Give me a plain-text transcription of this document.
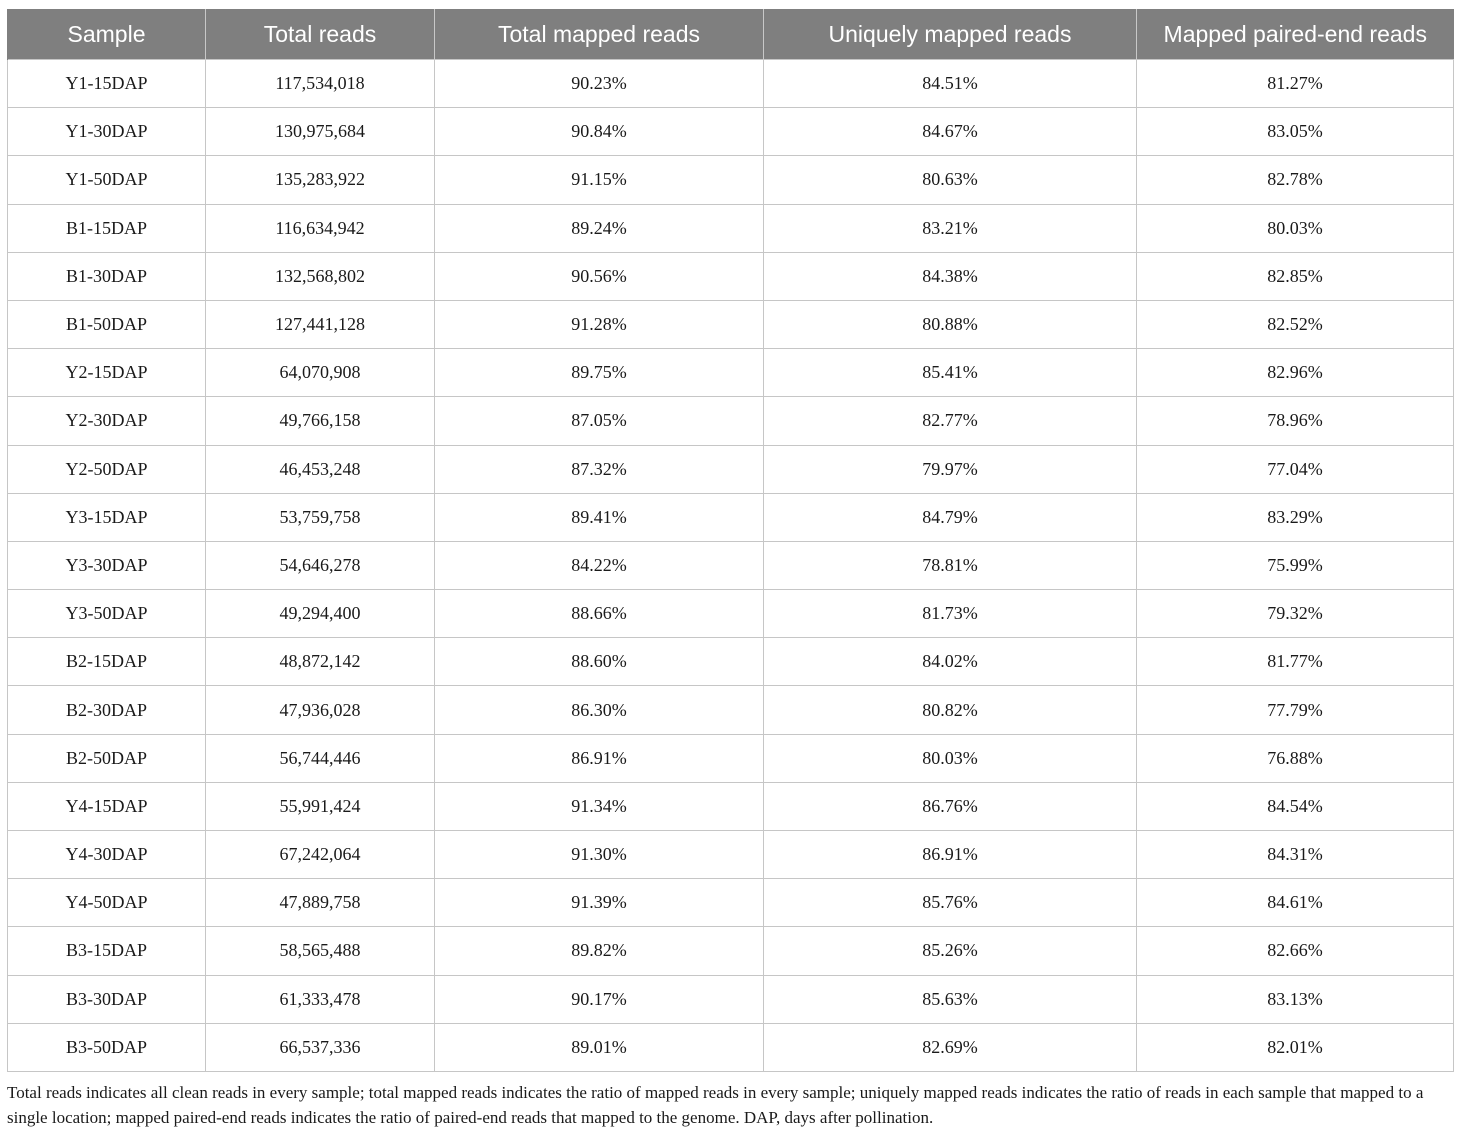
Sample	Total reads	Total mapped reads	Uniquely mapped reads	Mapped paired-end reads
Y1-15DAP	117,534,018	90.23%	84.51%	81.27%
Y1-30DAP	130,975,684	90.84%	84.67%	83.05%
Y1-50DAP	135,283,922	91.15%	80.63%	82.78%
B1-15DAP	116,634,942	89.24%	83.21%	80.03%
B1-30DAP	132,568,802	90.56%	84.38%	82.85%
B1-50DAP	127,441,128	91.28%	80.88%	82.52%
Y2-15DAP	64,070,908	89.75%	85.41%	82.96%
Y2-30DAP	49,766,158	87.05%	82.77%	78.96%
Y2-50DAP	46,453,248	87.32%	79.97%	77.04%
Y3-15DAP	53,759,758	89.41%	84.79%	83.29%
Y3-30DAP	54,646,278	84.22%	78.81%	75.99%
Y3-50DAP	49,294,400	88.66%	81.73%	79.32%
B2-15DAP	48,872,142	88.60%	84.02%	81.77%
B2-30DAP	47,936,028	86.30%	80.82%	77.79%
B2-50DAP	56,744,446	86.91%	80.03%	76.88%
Y4-15DAP	55,991,424	91.34%	86.76%	84.54%
Y4-30DAP	67,242,064	91.30%	86.91%	84.31%
Y4-50DAP	47,889,758	91.39%	85.76%	84.61%
B3-15DAP	58,565,488	89.82%	85.26%	82.66%
B3-30DAP	61,333,478	90.17%	85.63%	83.13%
B3-50DAP	66,537,336	89.01%	82.69%	82.01%

Total reads indicates all clean reads in every sample; total mapped reads indicates the ratio of mapped reads in every sample; uniquely mapped reads indicates the ratio of reads in each sample that mapped to a single location; mapped paired-end reads indicates the ratio of paired-end reads that mapped to the genome. DAP, days after pollination.
